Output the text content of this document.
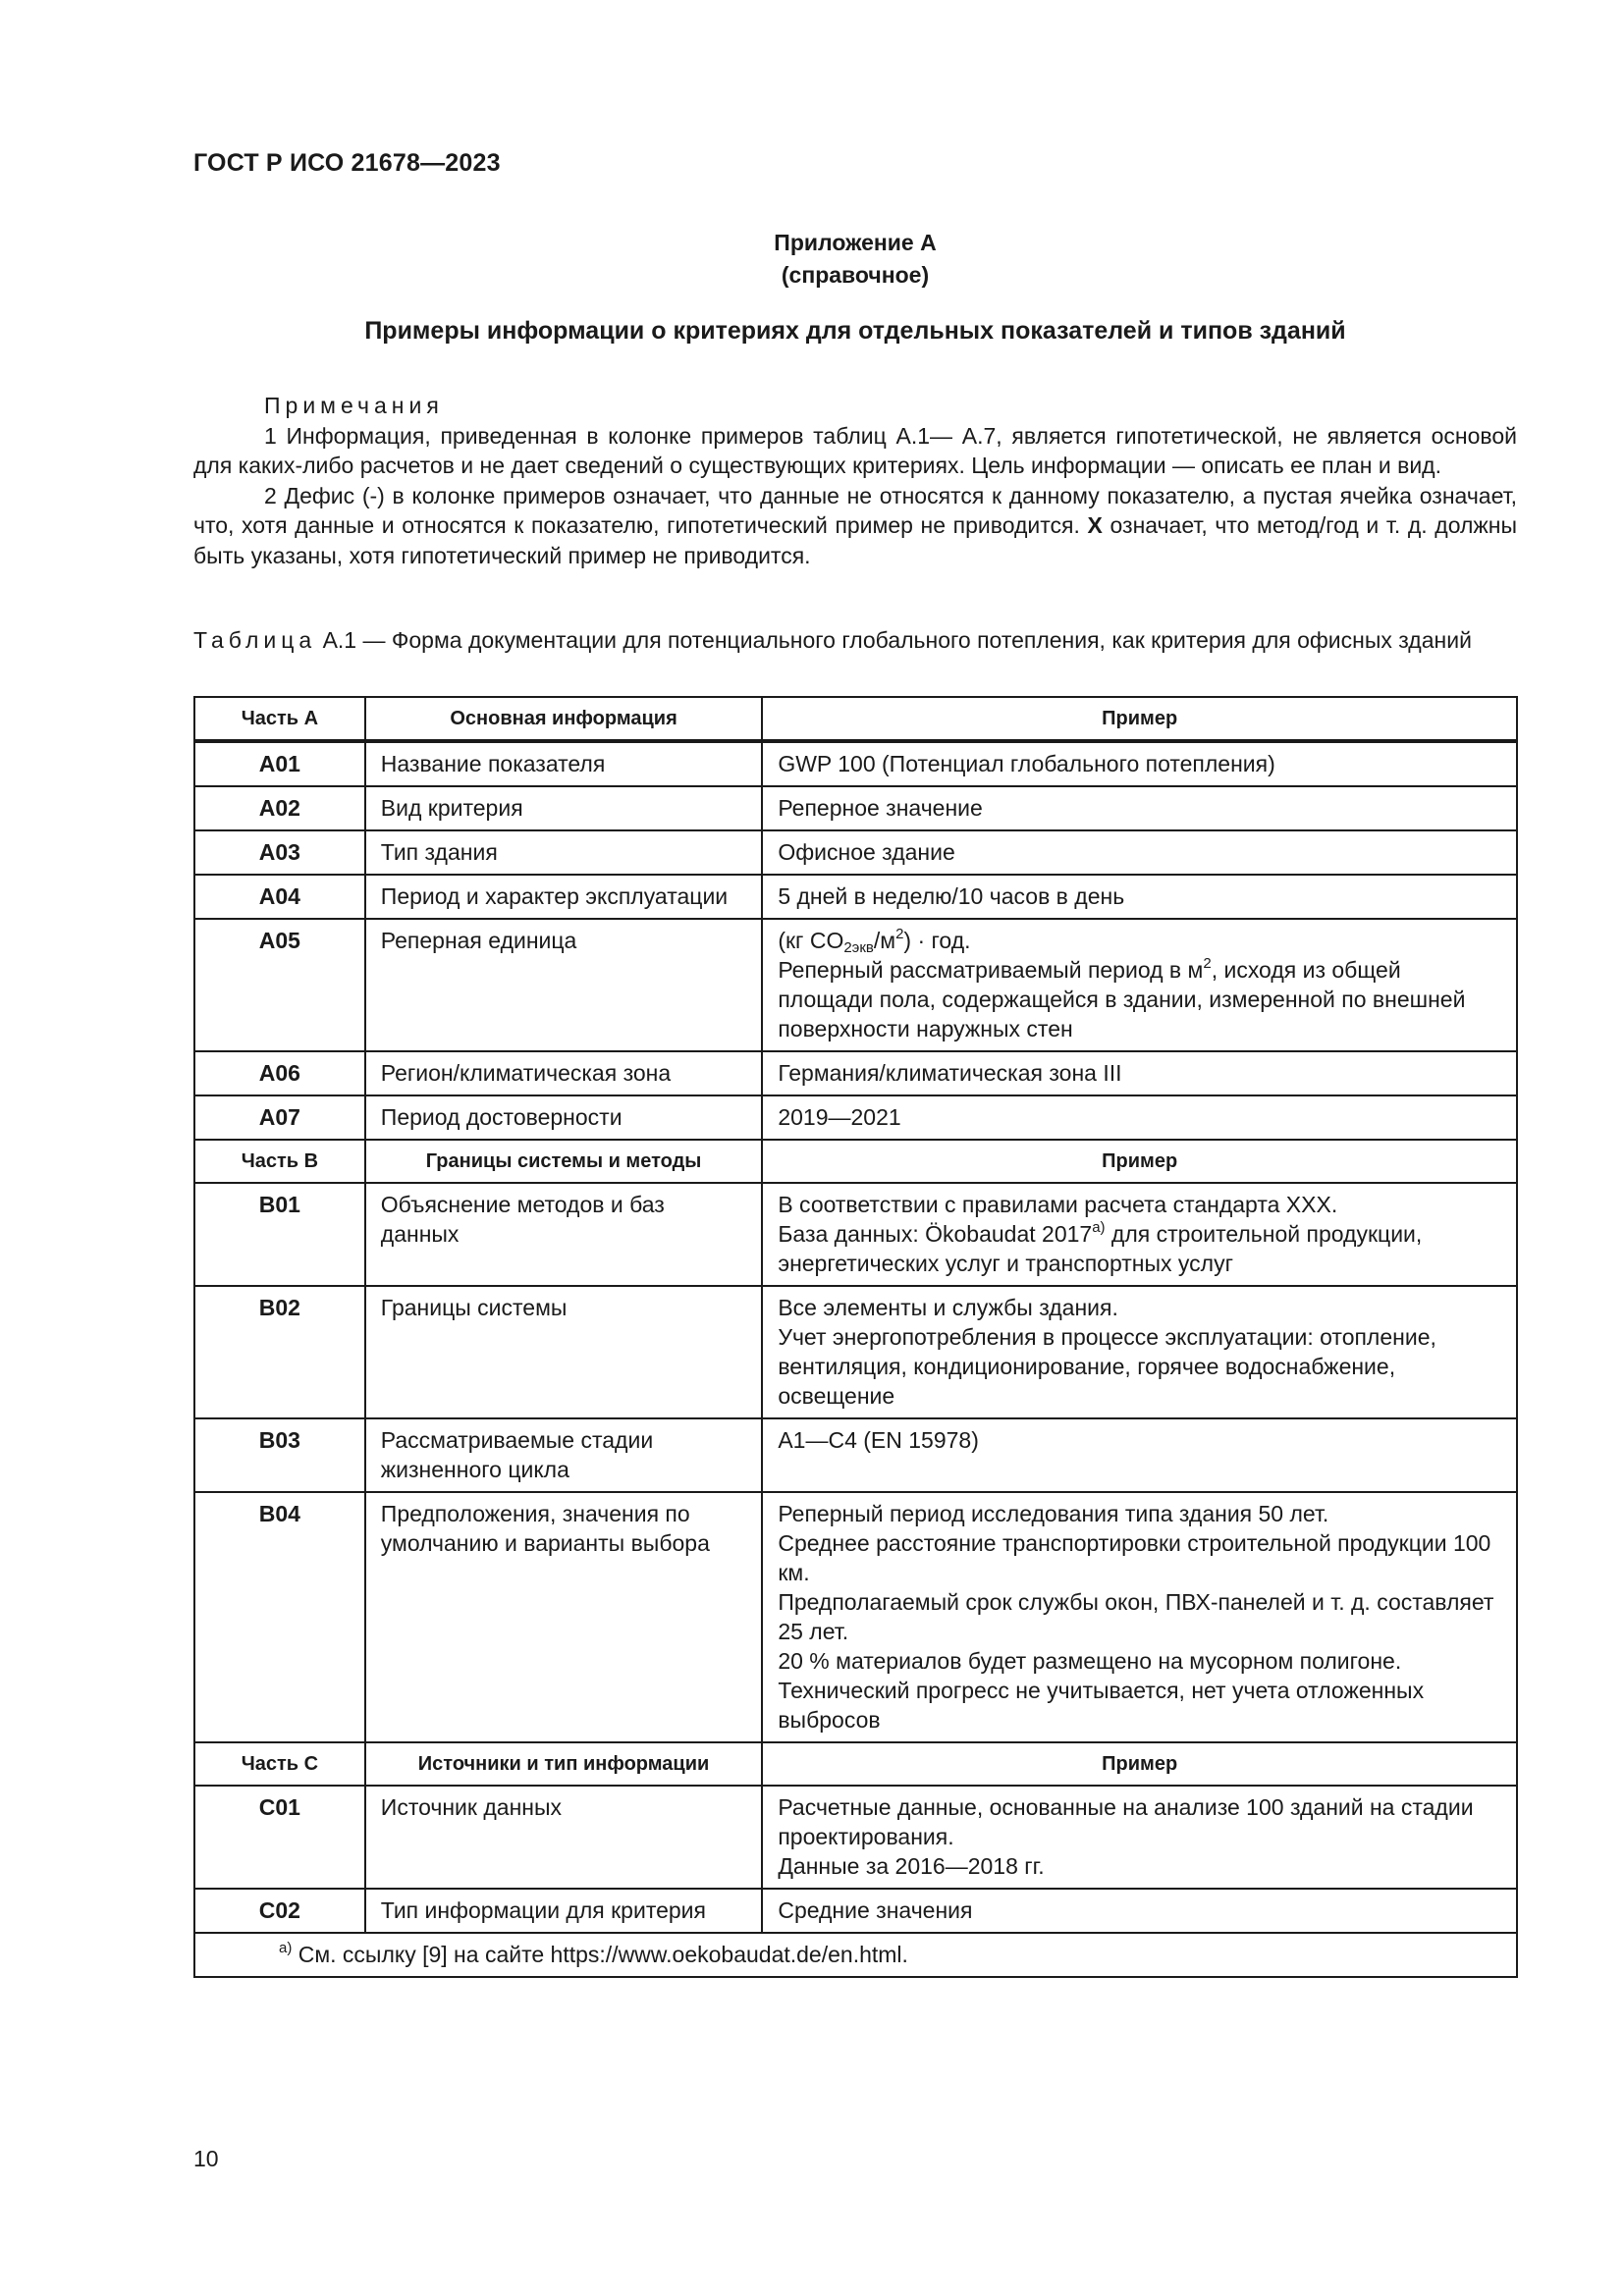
ГОСТ Р ИСО 21678—2023
Приложение А
(справочное)
Примеры информации о критериях для отдельных показателей и типов зданий
Примечания

1 Информация, приведенная в колонке примеров таблиц А.1— А.7, является гипотетической, не является основой для каких-либо расчетов и не дает сведений о существующих критериях. Цель информации — описать ее план и вид.

2 Дефис (-) в колонке примеров означает, что данные не относятся к данному показателю, а пустая ячейка означает, что, хотя данные и относятся к показателю, гипотетический пример не приводится. X означает, что метод/год и т. д. должны быть указаны, хотя гипотетический пример не приводится.

Таблица А.1 — Форма документации для потенциального глобального потепления, как критерия для офисных зданий
Часть А	Основная информация	Пример
А01	Название показателя	GWP 100 (Потенциал глобального потепления)

А02	Вид критерия	Реперное значение

А03	Тип здания	Офисное здание

А04	Период и характер эксплуатации	5 дней в неделю/10 часов в день

А05	Реперная единица	(кг $CO_{2экв}/м^2$) · год.
Реперный рассматриваемый период в $м^2$, исходя из общей площади пола, содержащейся в здании, измеренной по внешней поверхности наружных стен

А06	Регион/климатическая зона	Германия/климатическая зона III

А07	Период достоверности	2019—2021

Часть В	Границы системы и методы	Пример
В01	Объяснение методов и баз данных	В соответствии с правилами расчета стандарта XXX.
База данных: Ökobaudat 2017$^{a)}$ для строительной продукции, энергетических услуг и транспортных услуг

В02	Границы системы	Все элементы и службы здания.
Учет энергопотребления в процессе эксплуатации: отопление, вентиляция, кондиционирование, горячее водоснабжение, освещение

В03	Рассматриваемые стадии жизненного цикла	А1—С4 (EN 15978)

В04	Предположения, значения по умолчанию и варианты выбора	Реперный период исследования типа здания 50 лет.
Среднее расстояние транспортировки строительной продукции 100 км.
Предполагаемый срок службы окон, ПВХ-панелей и т. д. составляет 25 лет.
20 % материалов будет размещено на мусорном полигоне.
Технический прогресс не учитывается, нет учета отложенных выбросов

Часть С	Источники и тип информации	Пример
С01	Источник данных	Расчетные данные, основанные на анализе 100 зданий на стадии проектирования.
Данные за 2016—2018 гг.

С02	Тип информации для критерия	Средние значения

$^{a)}$ См. ссылку [9] на сайте https://www.oekobaudat.de/en.html.		
10
